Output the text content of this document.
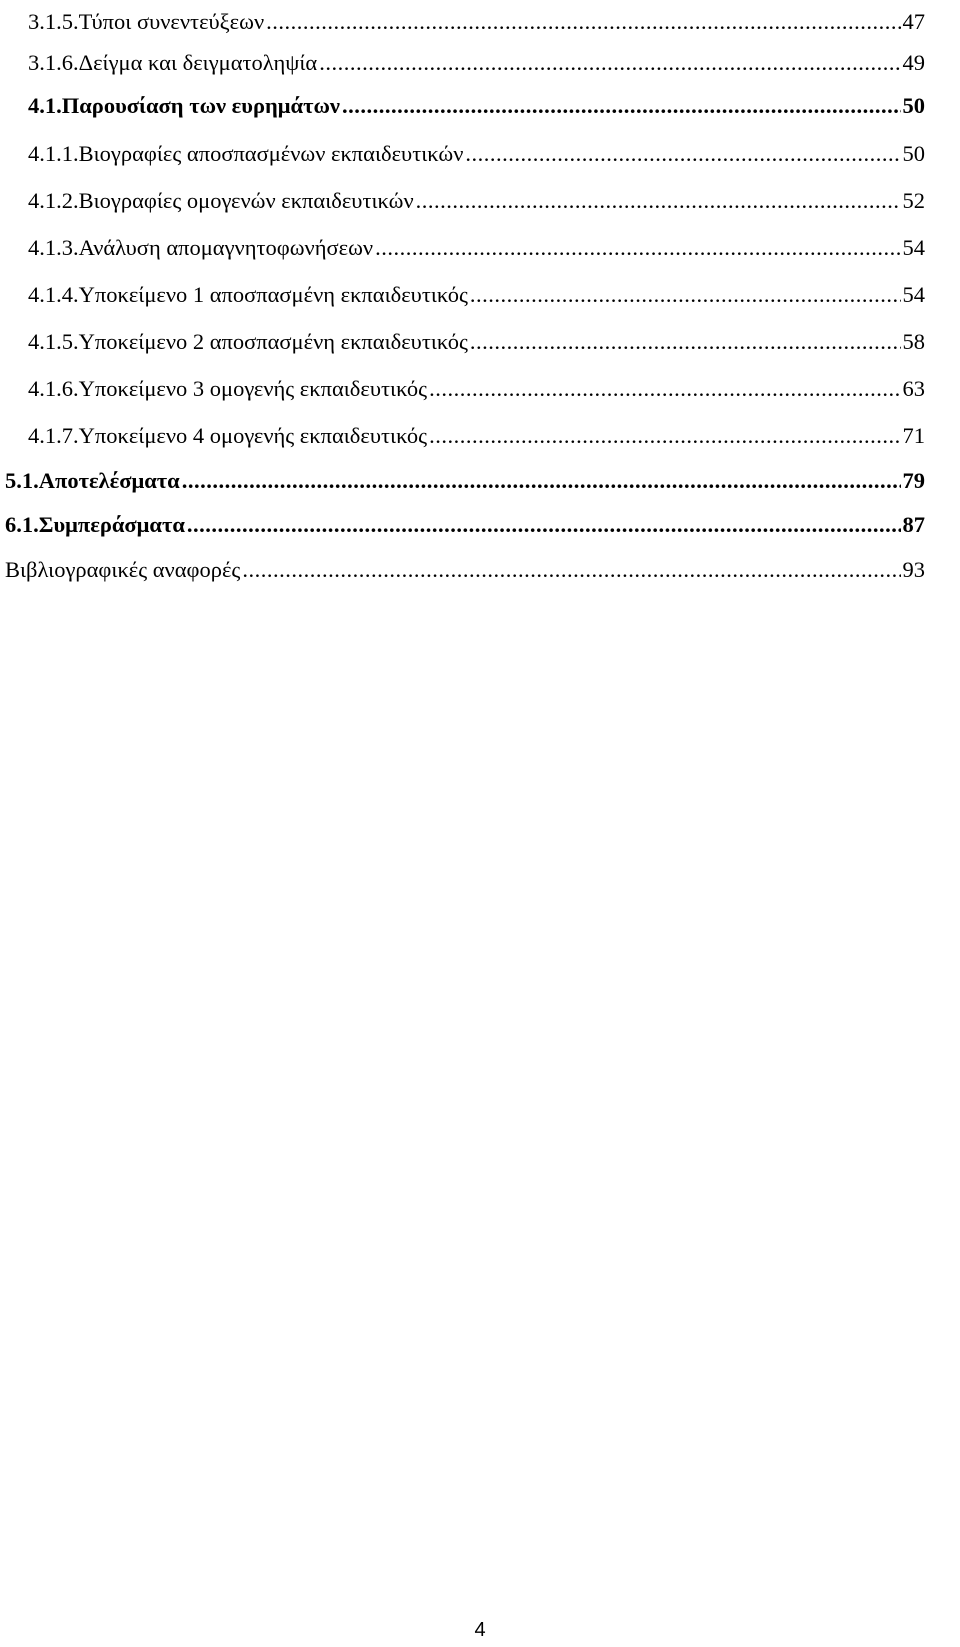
3.1.5. Τύποι συνεντεύξεων .....	47
3.1.6. Δείγμα και δειγματοληψία .....	49
4.1. Παρουσίαση των ευρημάτων .....	50
4.1.1. Βιογραφίες αποσπασμένων εκπαιδευτικών .....	50
4.1.2. Βιογραφίες ομογενών εκπαιδευτικών .....	52
4.1.3. Ανάλυση απομαγνητοφωνήσεων .....	54
4.1.4. Υποκείμενο 1 αποσπασμένη εκπαιδευτικός .....	54
4.1.5. Υποκείμενο 2 αποσπασμένη εκπαιδευτικός .....	58
4.1.6. Υποκείμενο 3 ομογενής εκπαιδευτικός .....	63
4.1.7. Υποκείμενο 4 ομογενής εκπαιδευτικός .....	71
5.1. Αποτελέσματα .....	79
6.1. Συμπεράσματα .....	87
Βιβλιογραφικές αναφορές .....	93
4
